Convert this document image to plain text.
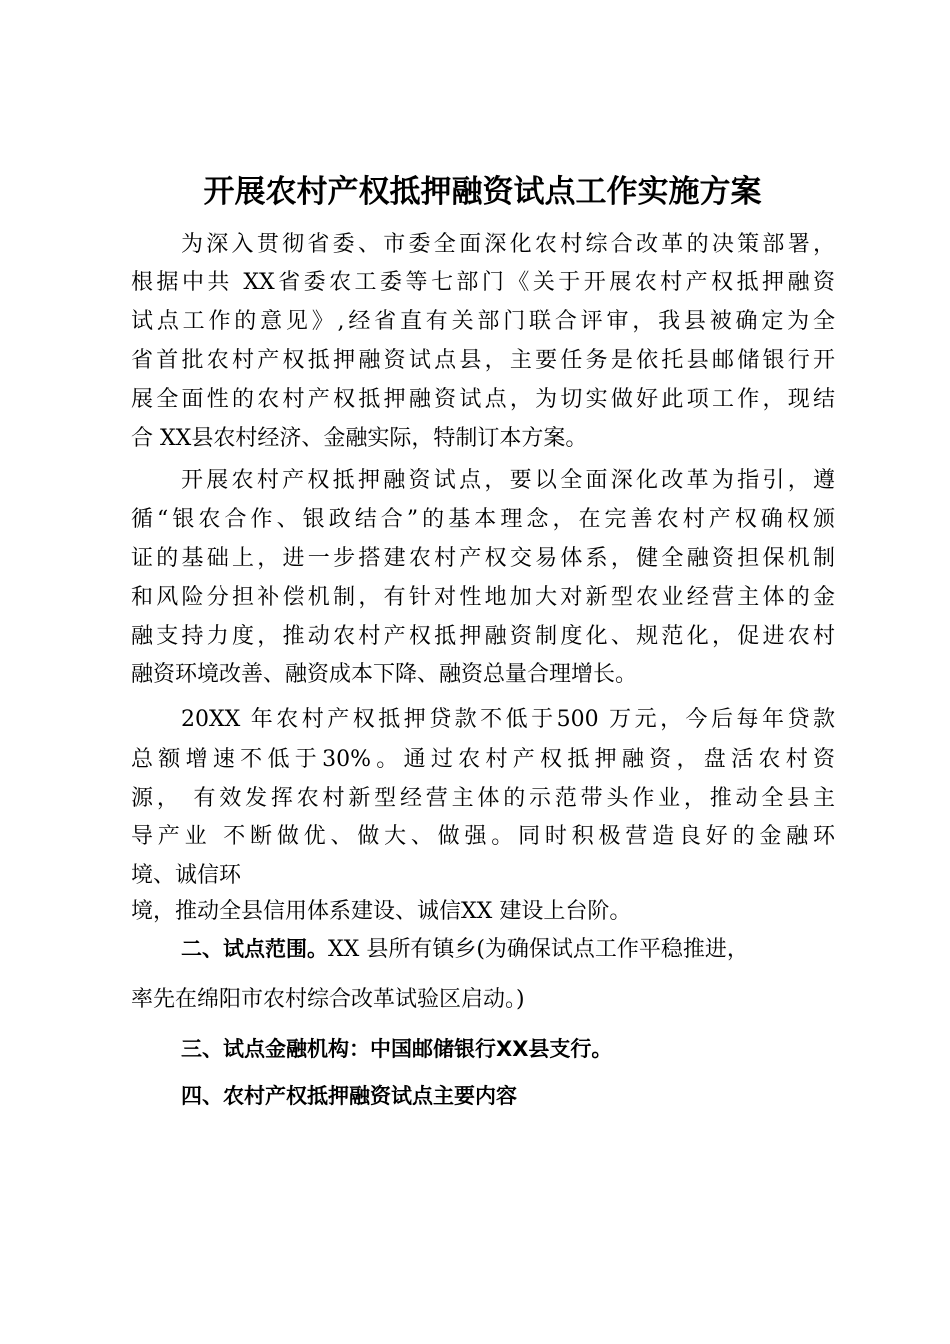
开展农村产权抵押融资试点工作实施方案
为深入贯彻省委、市委全面深化农村综合改革的决策部署，
根据中共 XX省委农工委等七部门《关于开展农村产权抵押融资
试点工作的意见》,经省直有关部门联合评审，我县被确定为全
省首批农村产权抵押融资试点县，主要任务是依托县邮储银行开
展全面性的农村产权抵押融资试点，为切实做好此项工作，现结
合 XX县农村经济、金融实际，特制订本方案。
开展农村产权抵押融资试点，要以全面深化改革为指引，遵
循“银农合作、银政结合”的基本理念，在完善农村产权确权颁
证的基础上，进一步搭建农村产权交易体系，健全融资担保机制
和风险分担补偿机制，有针对性地加大对新型农业经营主体的金
融支持力度，推动农村产权抵押融资制度化、规范化，促进农村
融资环境改善、融资成本下降、融资总量合理增长。
20XX 年农村产权抵押贷款不低于500 万元，今后每年贷款
总额增速不低于30%。通过农村产权抵押融资，盘活农村资
源， 有效发挥农村新型经营主体的示范带头作业，推动全县主
导产业 不断做优、做大、做强。同时积极营造良好的金融环
境、诚信环
境，推动全县信用体系建设、诚信XX 建设上台阶。
二、试点范围。XX 县所有镇乡(为确保试点工作平稳推进，
率先在绵阳市农村综合改革试验区启动。)
三、试点金融机构：中国邮储银行XX县支行。
四、农村产权抵押融资试点主要内容
